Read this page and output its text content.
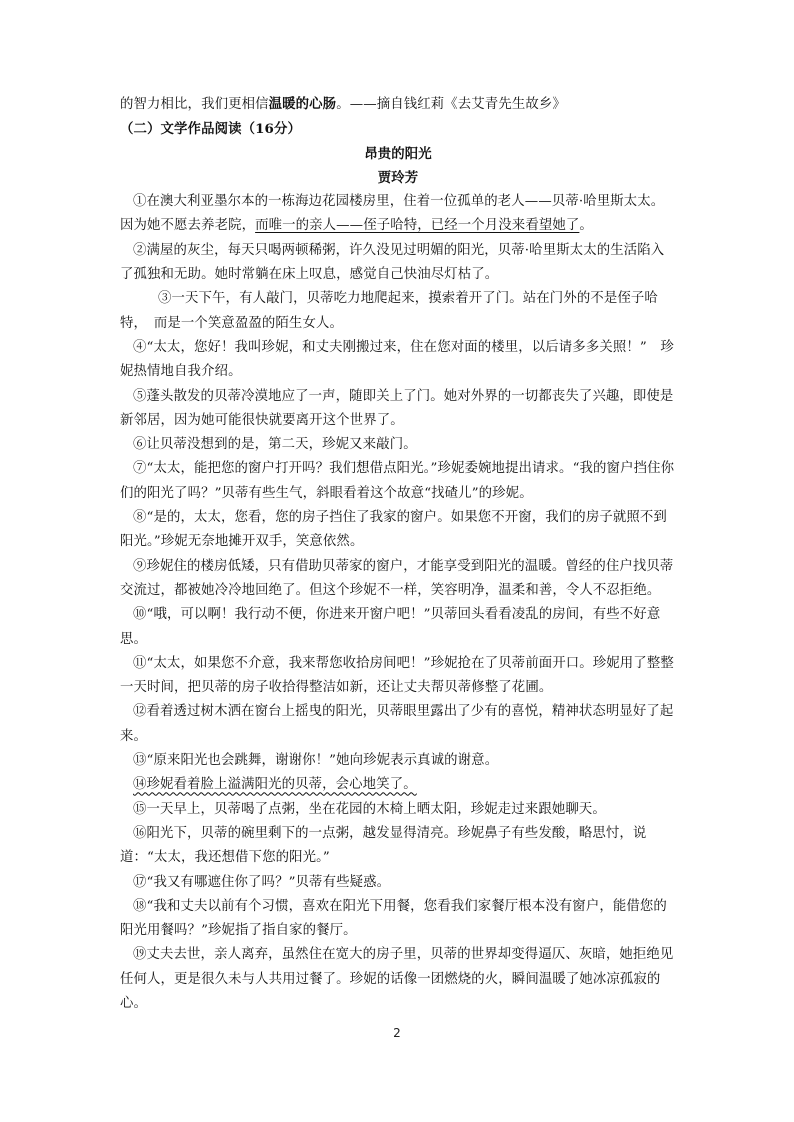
的智力相比，我们更相信温暖的心肠。——摘自钱红莉《去艾青先生故乡》

（二）文学作品阅读（16分）

昂贵的阳光

贾玲芳

①在澳大利亚墨尔本的一栋海边花园楼房里，住着一位孤单的老人——贝蒂·哈里斯太太。因为她不愿去养老院，而唯一的亲人——侄子哈特，已经一个月没来看望她了。

②满屋的灰尘，每天只喝两顿稀粥，许久没见过明媚的阳光，贝蒂·哈里斯太太的生活陷入了孤独和无助。她时常躺在床上叹息，感觉自己快油尽灯枯了。

③一天下午，有人敲门，贝蒂吃力地爬起来，摸索着开了门。站在门外的不是侄子哈特，　而是一个笑意盈盈的陌生女人。

④“太太，您好！我叫珍妮，和丈夫刚搬过来，住在您对面的楼里，以后请多多关照！”　珍妮热情地自我介绍。

⑤蓬头散发的贝蒂冷漠地应了一声，随即关上了门。她对外界的一切都丧失了兴趣，即使是新邻居，因为她可能很快就要离开这个世界了。

⑥让贝蒂没想到的是，第二天，珍妮又来敲门。

⑦“太太，能把您的窗户打开吗？我们想借点阳光。”珍妮委婉地提出请求。“我的窗户挡住你们的阳光了吗？”贝蒂有些生气，斜眼看着这个故意“找碴儿”的珍妮。

⑧“是的，太太，您看，您的房子挡住了我家的窗户。如果您不开窗，我们的房子就照不到阳光。”珍妮无奈地摊开双手，笑意依然。

⑨珍妮住的楼房低矮，只有借助贝蒂家的窗户，才能享受到阳光的温暖。曾经的住户找贝蒂交流过，都被她冷冷地回绝了。但这个珍妮不一样，笑容明净，温柔和善，令人不忍拒绝。

⑩“哦，可以啊！我行动不便，你进来开窗户吧！”贝蒂回头看看凌乱的房间，有些不好意思。

⑪“太太，如果您不介意，我来帮您收拾房间吧！”珍妮抢在了贝蒂前面开口。珍妮用了整整一天时间，把贝蒂的房子收拾得整洁如新，还让丈夫帮贝蒂修整了花圃。

⑫看着透过树木洒在窗台上摇曳的阳光，贝蒂眼里露出了少有的喜悦，精神状态明显好了起来。

⑬“原来阳光也会跳舞，谢谢你！”她向珍妮表示真诚的谢意。

⑭珍妮看着脸上溢满阳光的贝蒂，会心地笑了。

⑮一天早上，贝蒂喝了点粥，坐在花园的木椅上晒太阳，珍妮走过来跟她聊天。

⑯阳光下，贝蒂的碗里剩下的一点粥，越发显得清亮。珍妮鼻子有些发酸，略思忖，说道：“太太，我还想借下您的阳光。”

⑰“我又有哪遮住你了吗？”贝蒂有些疑惑。

⑱“我和丈夫以前有个习惯，喜欢在阳光下用餐，您看我们家餐厅根本没有窗户，能借您的阳光用餐吗？”珍妮指了指自家的餐厅。

⑲丈夫去世，亲人离弃，虽然住在宽大的房子里，贝蒂的世界却变得逼仄、灰暗，她拒绝见任何人，更是很久未与人共用过餐了。珍妮的话像一团燃烧的火，瞬间温暖了她冰凉孤寂的心。

2
